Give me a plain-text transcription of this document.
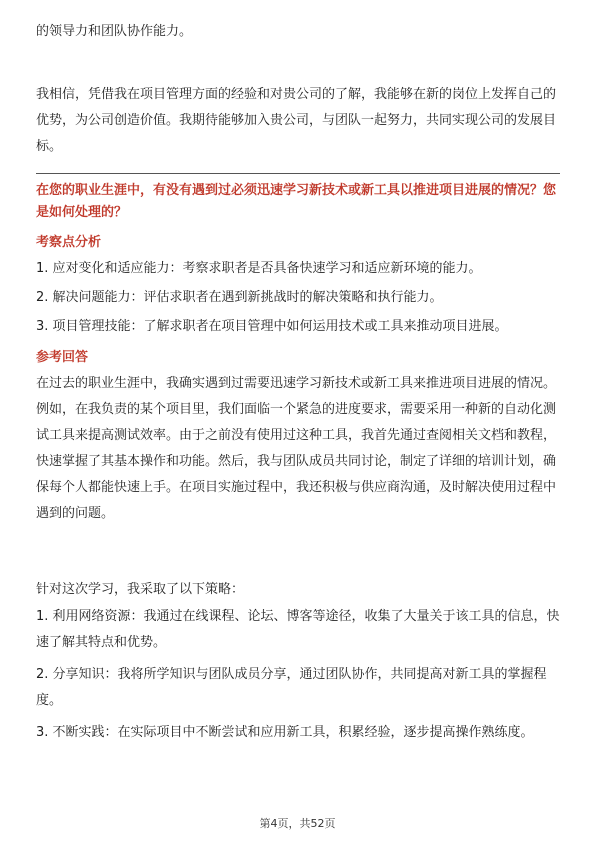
的领导力和团队协作能力。

我相信，凭借我在项目管理方面的经验和对贵公司的了解，我能够在新的岗位上发挥自己的优势，为公司创造价值。我期待能够加入贵公司，与团队一起努力，共同实现公司的发展目标。

在您的职业生涯中，有没有遇到过必须迅速学习新技术或新工具以推进项目进展的情况？您是如何处理的？
考察点分析

1. 应对变化和适应能力：考察求职者是否具备快速学习和适应新环境的能力。

2. 解决问题能力：评估求职者在遇到新挑战时的解决策略和执行能力。

3. 项目管理技能：了解求职者在项目管理中如何运用技术或工具来推动项目进展。

参考回答

在过去的职业生涯中，我确实遇到过需要迅速学习新技术或新工具来推进项目进展的情况。例如，在我负责的某个项目里，我们面临一个紧急的进度要求，需要采用一种新的自动化测试工具来提高测试效率。由于之前没有使用过这种工具，我首先通过查阅相关文档和教程，快速掌握了其基本操作和功能。然后，我与团队成员共同讨论，制定了详细的培训计划，确保每个人都能快速上手。在项目实施过程中，我还积极与供应商沟通，及时解决使用过程中遇到的问题。

针对这次学习，我采取了以下策略：

1. 利用网络资源：我通过在线课程、论坛、博客等途径，收集了大量关于该工具的信息，快速了解其特点和优势。

2. 分享知识：我将所学知识与团队成员分享，通过团队协作，共同提高对新工具的掌握程度。

3. 不断实践：在实际项目中不断尝试和应用新工具，积累经验，逐步提高操作熟练度。

第4页，共52页
